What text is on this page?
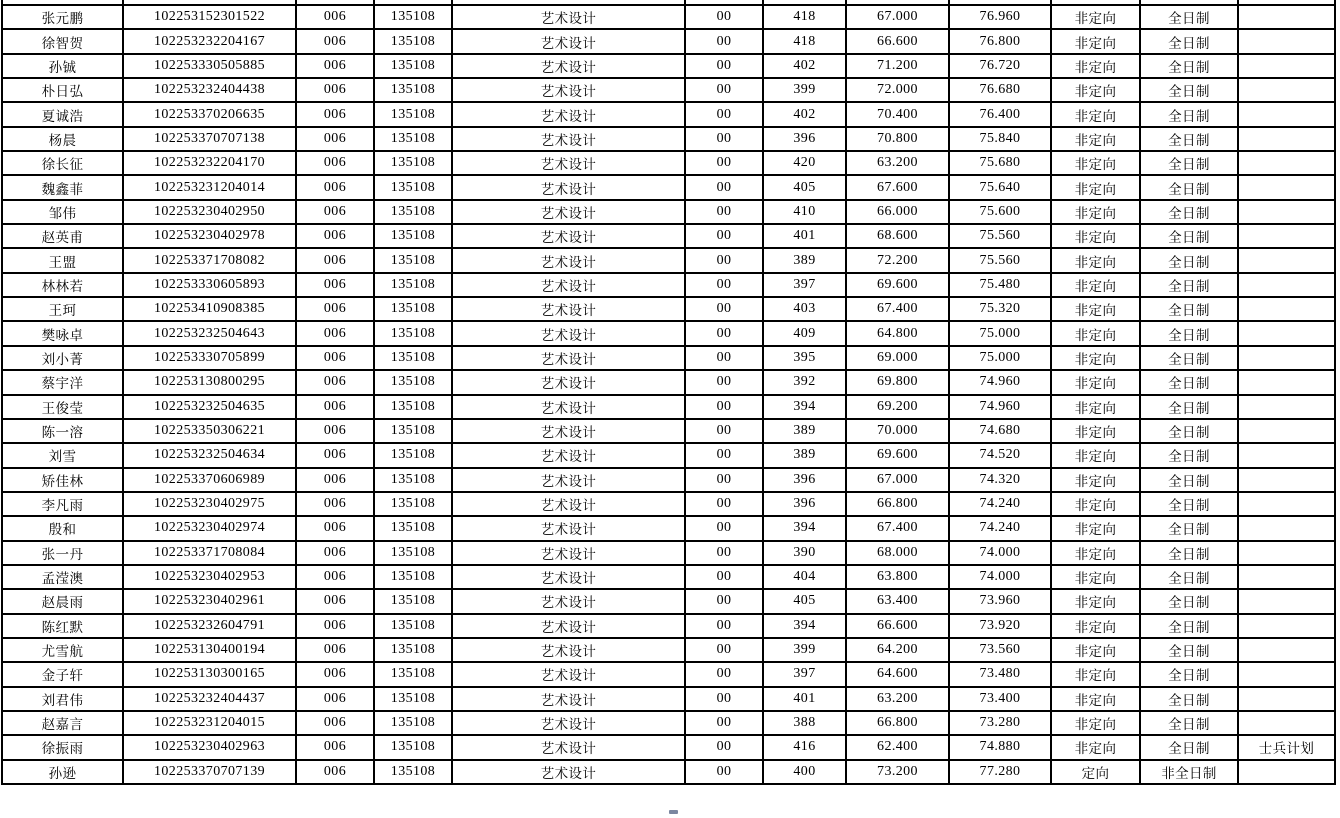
张元鹏	102253152301522	006	135108	艺术设计	00	418	67.000	76.960	非定向	全日制	
徐智贺	102253232204167	006	135108	艺术设计	00	418	66.600	76.800	非定向	全日制	
孙铖	102253330505885	006	135108	艺术设计	00	402	71.200	76.720	非定向	全日制	
朴日弘	102253232404438	006	135108	艺术设计	00	399	72.000	76.680	非定向	全日制	
夏诚浩	102253370206635	006	135108	艺术设计	00	402	70.400	76.400	非定向	全日制	
杨晨	102253370707138	006	135108	艺术设计	00	396	70.800	75.840	非定向	全日制	
徐长征	102253232204170	006	135108	艺术设计	00	420	63.200	75.680	非定向	全日制	
魏鑫菲	102253231204014	006	135108	艺术设计	00	405	67.600	75.640	非定向	全日制	
邹伟	102253230402950	006	135108	艺术设计	00	410	66.000	75.600	非定向	全日制	
赵英甫	102253230402978	006	135108	艺术设计	00	401	68.600	75.560	非定向	全日制	
王盟	102253371708082	006	135108	艺术设计	00	389	72.200	75.560	非定向	全日制	
林林若	102253330605893	006	135108	艺术设计	00	397	69.600	75.480	非定向	全日制	
王珂	102253410908385	006	135108	艺术设计	00	403	67.400	75.320	非定向	全日制	
樊咏卓	102253232504643	006	135108	艺术设计	00	409	64.800	75.000	非定向	全日制	
刘小菁	102253330705899	006	135108	艺术设计	00	395	69.000	75.000	非定向	全日制	
蔡宇洋	102253130800295	006	135108	艺术设计	00	392	69.800	74.960	非定向	全日制	
王俊莹	102253232504635	006	135108	艺术设计	00	394	69.200	74.960	非定向	全日制	
陈一溶	102253350306221	006	135108	艺术设计	00	389	70.000	74.680	非定向	全日制	
刘雪	102253232504634	006	135108	艺术设计	00	389	69.600	74.520	非定向	全日制	
矫佳林	102253370606989	006	135108	艺术设计	00	396	67.000	74.320	非定向	全日制	
李凡雨	102253230402975	006	135108	艺术设计	00	396	66.800	74.240	非定向	全日制	
殷和	102253230402974	006	135108	艺术设计	00	394	67.400	74.240	非定向	全日制	
张一丹	102253371708084	006	135108	艺术设计	00	390	68.000	74.000	非定向	全日制	
孟滢澳	102253230402953	006	135108	艺术设计	00	404	63.800	74.000	非定向	全日制	
赵晨雨	102253230402961	006	135108	艺术设计	00	405	63.400	73.960	非定向	全日制	
陈红默	102253232604791	006	135108	艺术设计	00	394	66.600	73.920	非定向	全日制	
尤雪航	102253130400194	006	135108	艺术设计	00	399	64.200	73.560	非定向	全日制	
金子轩	102253130300165	006	135108	艺术设计	00	397	64.600	73.480	非定向	全日制	
刘君伟	102253232404437	006	135108	艺术设计	00	401	63.200	73.400	非定向	全日制	
赵嘉言	102253231204015	006	135108	艺术设计	00	388	66.800	73.280	非定向	全日制	
徐振雨	102253230402963	006	135108	艺术设计	00	416	62.400	74.880	非定向	全日制	士兵计划
孙逊	102253370707139	006	135108	艺术设计	00	400	73.200	77.280	定向	非全日制	
